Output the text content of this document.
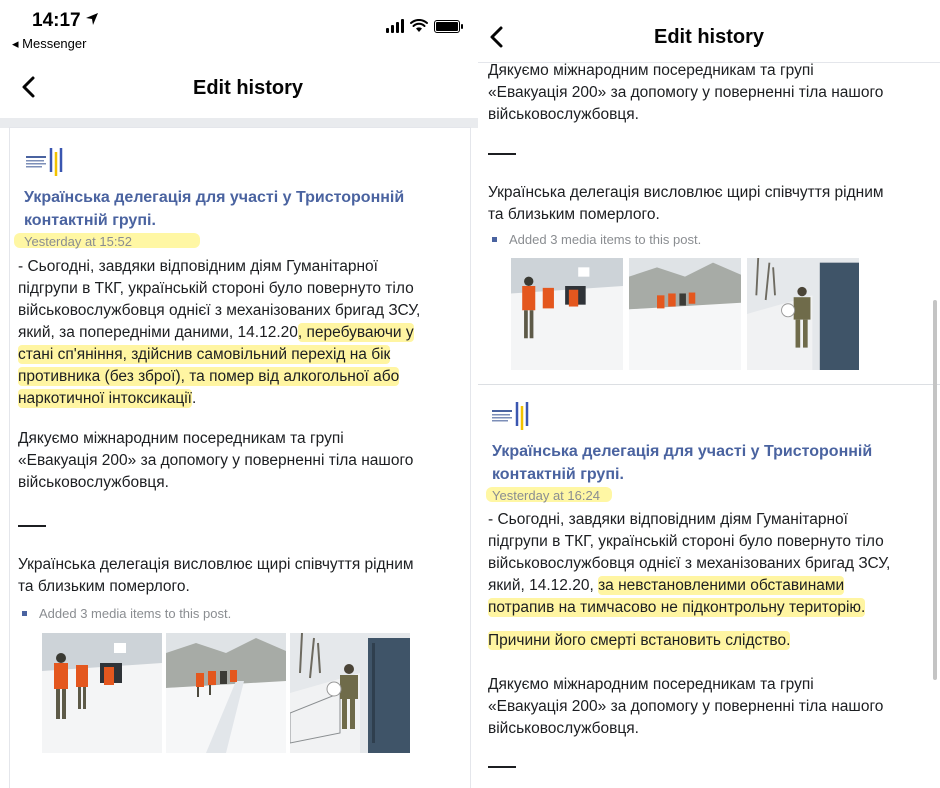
14:17
◂ Messenger
Edit history
Українська делегація для участі у Тристоронній
контактній групі.
Yesterday at 15:52
- Сьогодні, завдяки відповідним діям Гуманітарної
підгрупи в ТКГ, українській стороні було повернуто тіло
військовослужбовця однієї з механізованих бригад ЗСУ,
який, за попередніми даними, 14.12.20, перебуваючи у
стані сп'яніння, здійснив самовільний перехід на бік
противника (без зброї), та помер від алкогольної або
наркотичної інтоксикації.
Дякуємо міжнародним посередникам та групі
«Евакуація 200» за допомогу у поверненні тіла нашого
військовослужбовця.
Українська делегація висловлює щирі співчуття рідним
та близьким померлого.
Added 3 media items to this post.
Edit history
Дякуємо міжнародним посередникам та групі
«Евакуація 200» за допомогу у поверненні тіла нашого
військовослужбовця.
Українська делегація висловлює щирі співчуття рідним
та близьким померлого.
Added 3 media items to this post.
Українська делегація для участі у Тристоронній
контактній групі.
Yesterday at 16:24
- Сьогодні, завдяки відповідним діям Гуманітарної
підгрупи в ТКГ, українській стороні було повернуто тіло
військовослужбовця однієї з механізованих бригад ЗСУ,
який, 14.12.20, за невстановленими обставинами
потрапив на тимчасово не підконтрольну територію.
Причини його смерті встановить слідство.
Дякуємо міжнародним посередникам та групі
«Евакуація 200» за допомогу у поверненні тіла нашого
військовослужбовця.
